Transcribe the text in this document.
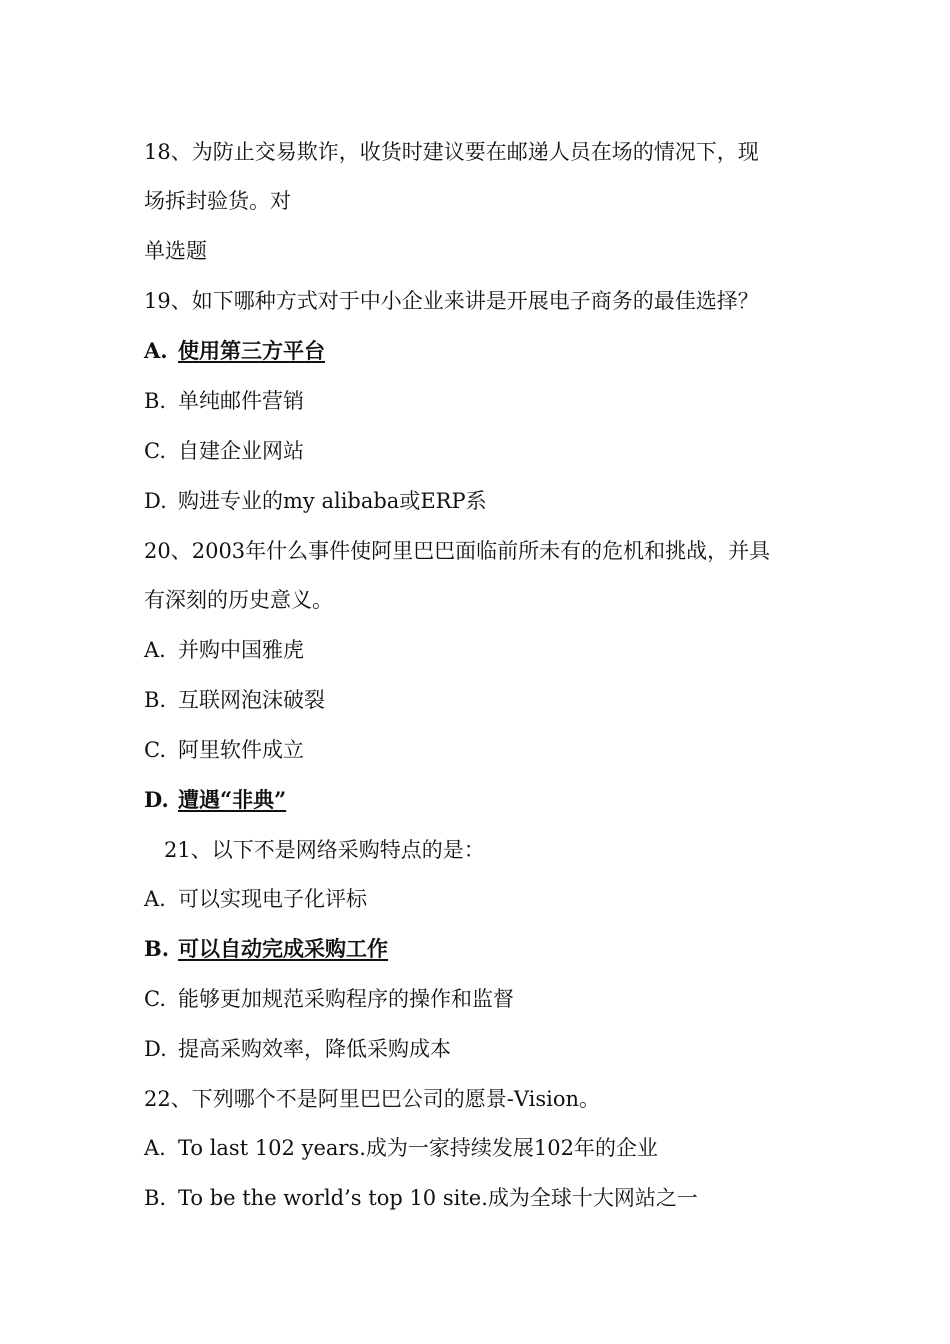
18、为防止交易欺诈，收货时建议要在邮递人员在场的情况下，现
场拆封验货。对
单选题
19、如下哪种方式对于中小企业来讲是开展电子商务的最佳选择？
A. 使用第三方平台
B. 单纯邮件营销
C. 自建企业网站
D. 购进专业的my alibaba或ERP系
20、2003年什么事件使阿里巴巴面临前所未有的危机和挑战，并具
有深刻的历史意义。
A. 并购中国雅虎
B. 互联网泡沫破裂
C. 阿里软件成立
D. 遭遇“非典”
21、以下不是网络采购特点的是：
A. 可以实现电子化评标
B. 可以自动完成采购工作
C. 能够更加规范采购程序的操作和监督
D. 提高采购效率，降低采购成本
22、下列哪个不是阿里巴巴公司的愿景-Vision。
A. To last 102 years.成为一家持续发展102年的企业
B. To be the world’s top 10 site.成为全球十大网站之一
